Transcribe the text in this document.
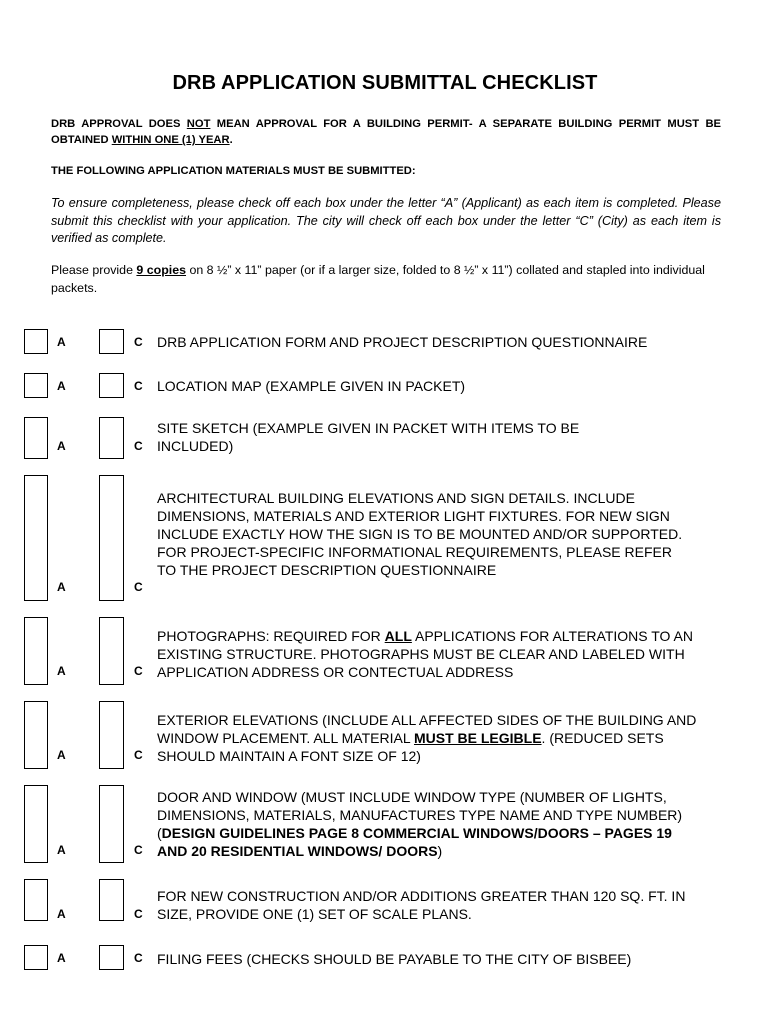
DRB APPLICATION SUBMITTAL CHECKLIST

DRB APPROVAL DOES NOT MEAN APPROVAL FOR A BUILDING PERMIT- A SEPARATE BUILDING PERMIT MUST BE OBTAINED WITHIN ONE (1) YEAR.

THE FOLLOWING APPLICATION MATERIALS MUST BE SUBMITTED:

To ensure completeness, please check off each box under the letter “A” (Applicant) as each item is completed. Please submit this checklist with your application. The city will check off each box under the letter “C” (City) as each item is verified as complete.

Please provide 9 copies on 8 ½” x 11” paper (or if a larger size, folded to 8 ½” x 11”) collated and stapled into individual packets.

A	C DRB APPLICATION FORM AND PROJECT DESCRIPTION QUESTIONNAIRE
A	C LOCATION MAP (EXAMPLE GIVEN IN PACKET)
A	C
SITE SKETCH (EXAMPLE GIVEN IN PACKET WITH ITEMS TO BE INCLUDED)
A	C
ARCHITECTURAL BUILDING ELEVATIONS AND SIGN DETAILS. INCLUDE DIMENSIONS, MATERIALS AND EXTERIOR LIGHT FIXTURES. FOR NEW SIGN INCLUDE EXACTLY HOW THE SIGN IS TO BE MOUNTED AND/OR SUPPORTED. FOR PROJECT-SPECIFIC INFORMATIONAL REQUIREMENTS, PLEASE REFER TO THE PROJECT DESCRIPTION QUESTIONNAIRE
A	C
PHOTOGRAPHS: REQUIRED FOR ALL APPLICATIONS FOR ALTERATIONS TO AN EXISTING STRUCTURE. PHOTOGRAPHS MUST BE CLEAR AND LABELED WITH APPLICATION ADDRESS OR CONTECTUAL ADDRESS
A	C
EXTERIOR ELEVATIONS (INCLUDE ALL AFFECTED SIDES OF THE BUILDING AND WINDOW PLACEMENT. ALL MATERIAL MUST BE LEGIBLE. (REDUCED SETS SHOULD MAINTAIN A FONT SIZE OF 12)
A	C
DOOR AND WINDOW (MUST INCLUDE WINDOW TYPE (NUMBER OF LIGHTS, DIMENSIONS, MATERIALS, MANUFACTURES TYPE NAME AND TYPE NUMBER) (DESIGN GUIDELINES PAGE 8 COMMERCIAL WINDOWS/DOORS – PAGES 19 AND 20 RESIDENTIAL WINDOWS/ DOORS)
A	C
FOR NEW CONSTRUCTION AND/OR ADDITIONS GREATER THAN 120 SQ. FT. IN SIZE, PROVIDE ONE (1) SET OF SCALE PLANS.
A	C FILING FEES (CHECKS SHOULD BE PAYABLE TO THE CITY OF BISBEE)
